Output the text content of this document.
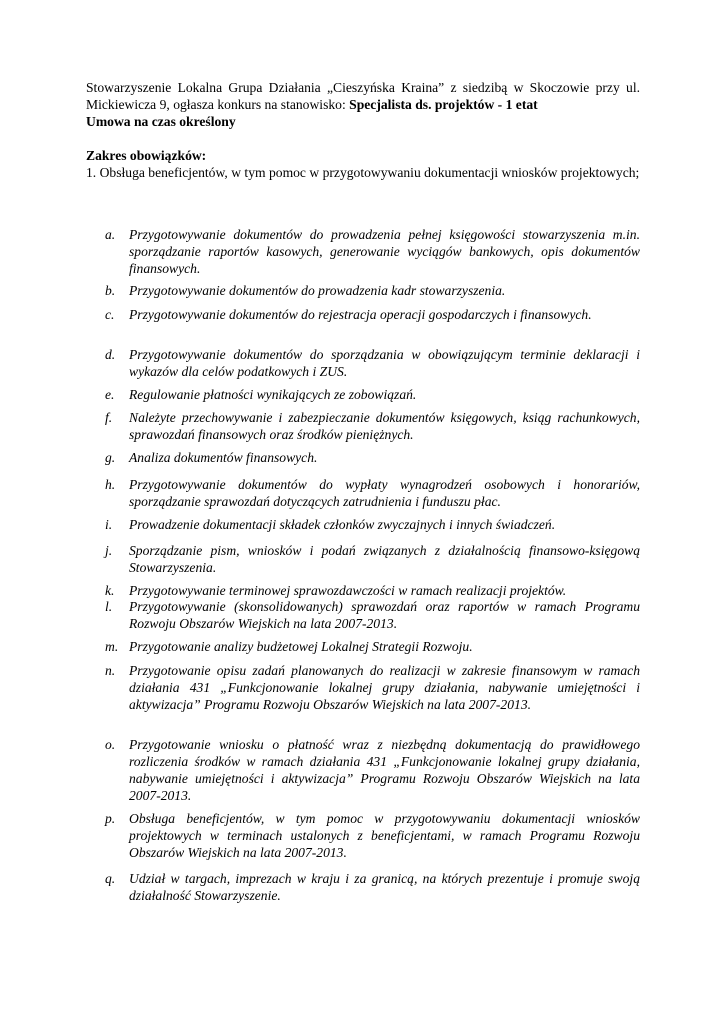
Stowarzyszenie Lokalna Grupa Działania „Cieszyńska Kraina” z siedzibą w Skoczowie przy ul. Mickiewicza 9, ogłasza konkurs na stanowisko: Specjalista ds. projektów - 1 etat
Umowa na czas określony

Zakres obowiązków:

1. Obsługa beneficjentów, w tym pomoc w przygotowywaniu dokumentacji wniosków projektowych;

a.	Przygotowywanie dokumentów do prowadzenia pełnej księgowości stowarzyszenia m.in. sporządzanie raportów kasowych, generowanie wyciągów bankowych, opis dokumentów finansowych.
b.	Przygotowywanie dokumentów do prowadzenia kadr stowarzyszenia.
c.	Przygotowywanie dokumentów do rejestracja operacji gospodarczych i finansowych.
d.	Przygotowywanie dokumentów do sporządzania w obowiązującym terminie deklaracji i wykazów dla celów podatkowych i ZUS.
e.	Regulowanie płatności wynikających ze zobowiązań.
f.	Należyte przechowywanie i zabezpieczanie dokumentów księgowych, ksiąg rachunkowych, sprawozdań finansowych oraz środków pieniężnych.
g.	Analiza dokumentów finansowych.
h.	Przygotowywanie dokumentów do wypłaty wynagrodzeń osobowych i honorariów, sporządzanie sprawozdań dotyczących zatrudnienia i funduszu płac.
i.	Prowadzenie dokumentacji składek członków zwyczajnych i innych świadczeń.
j.	Sporządzanie pism, wniosków i podań związanych z działalnością finansowo-księgową Stowarzyszenia.
k.	Przygotowywanie terminowej sprawozdawczości w ramach realizacji projektów.
l.	Przygotowywanie (skonsolidowanych) sprawozdań oraz raportów w ramach Programu Rozwoju Obszarów Wiejskich na lata 2007-2013.
m. Przygotowanie analizy budżetowej Lokalnej Strategii Rozwoju.
n.	Przygotowanie opisu zadań planowanych do realizacji w zakresie finansowym w ramach działania 431 „Funkcjonowanie lokalnej grupy działania, nabywanie umiejętności i aktywizacja” Programu Rozwoju Obszarów Wiejskich na lata 2007-2013.
o.	Przygotowanie wniosku o płatność wraz z niezbędną dokumentacją do prawidłowego rozliczenia środków w ramach działania 431 „Funkcjonowanie lokalnej grupy działania, nabywanie umiejętności i aktywizacja” Programu Rozwoju Obszarów Wiejskich na lata 2007-2013.
p.	Obsługa beneficjentów, w tym pomoc w przygotowywaniu dokumentacji wniosków projektowych w terminach ustalonych z beneficjentami, w ramach Programu Rozwoju Obszarów Wiejskich na lata 2007-2013.
q.	Udział w targach, imprezach w kraju i za granicą, na których prezentuje i promuje swoją działalność Stowarzyszenie.
